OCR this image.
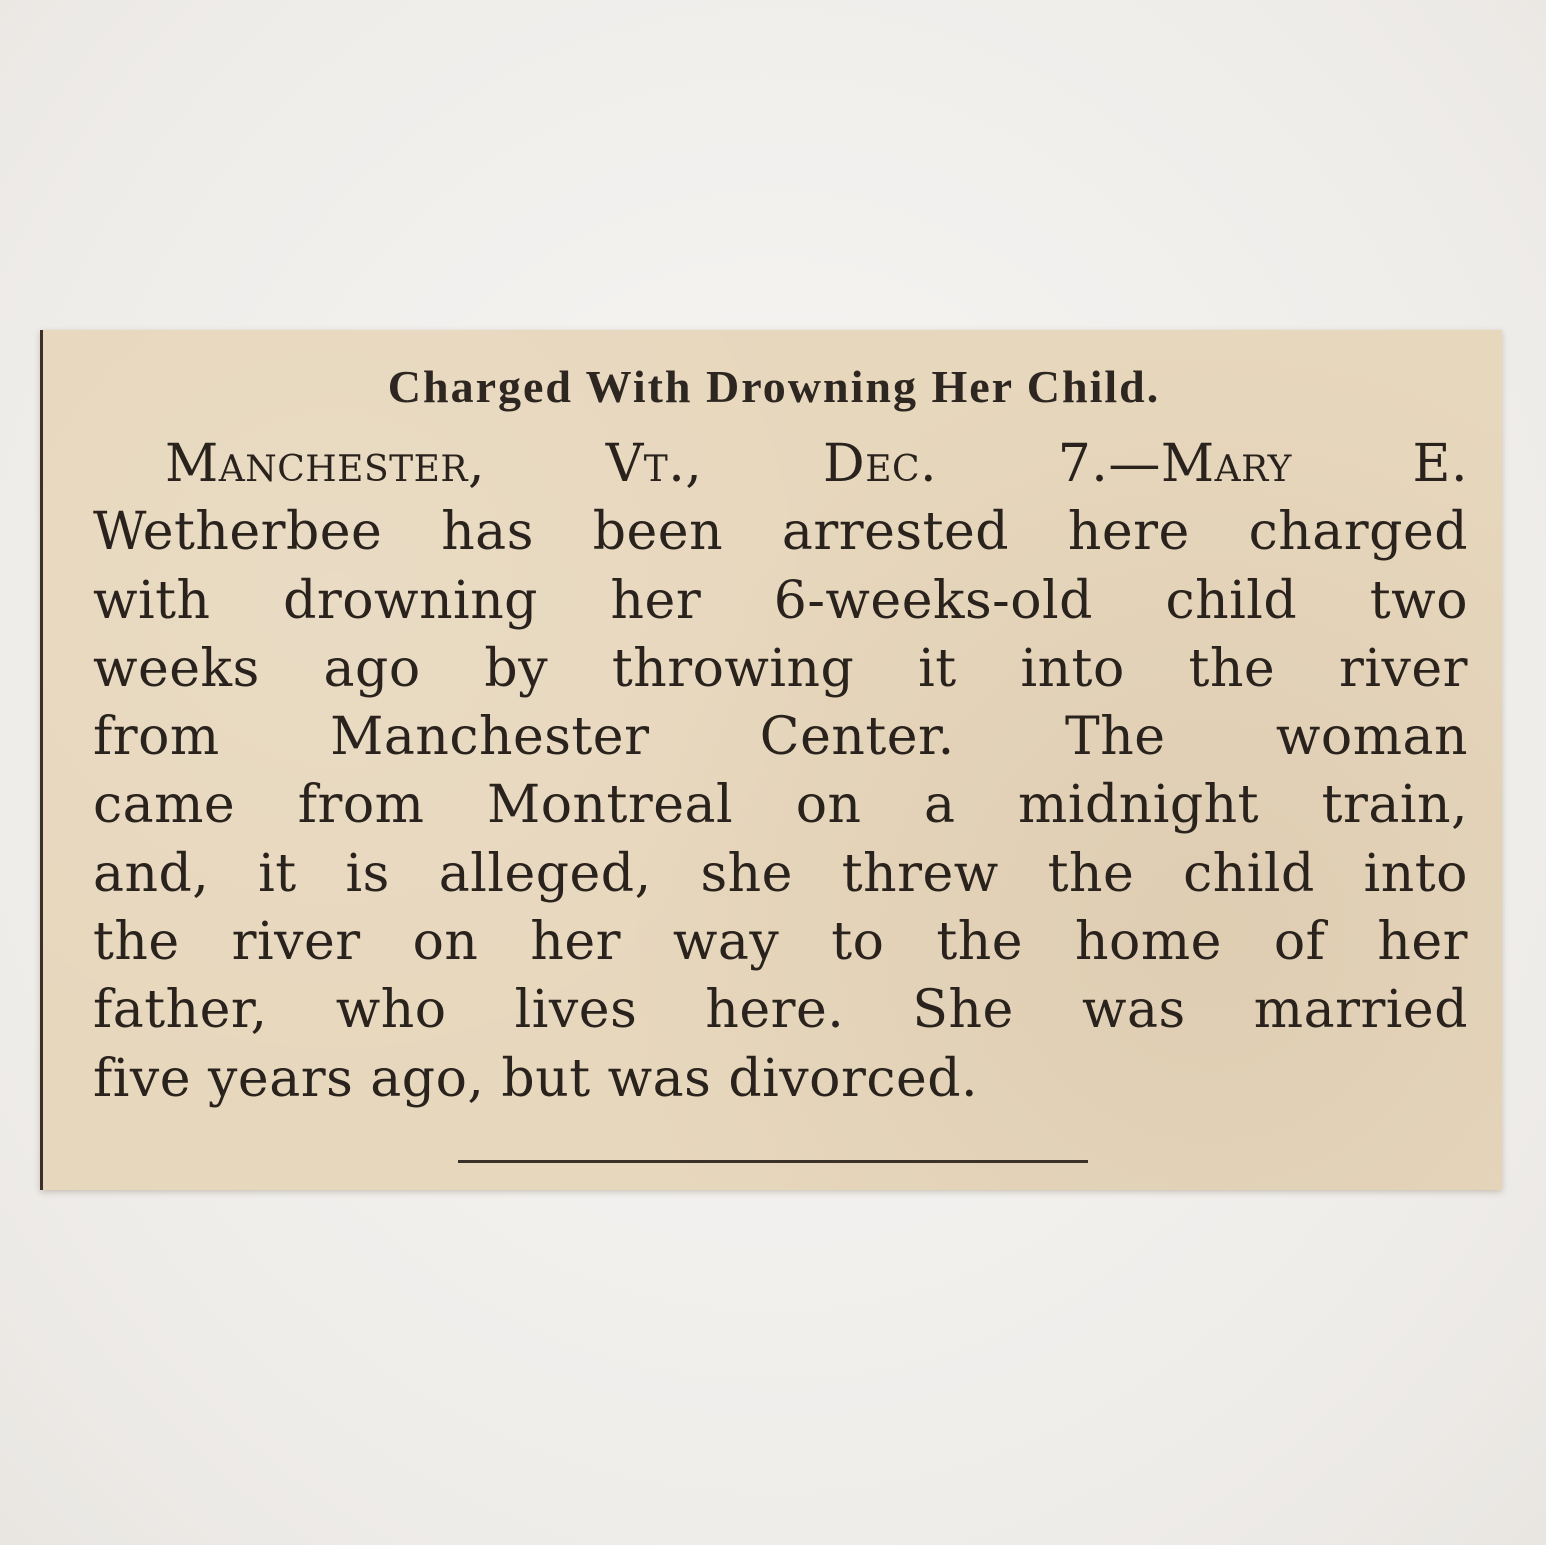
Charged With Drowning Her Child.
Manchester, Vt., Dec. 7.—Mary E.
Wetherbee has been arrested here charged
with drowning her 6-weeks-old child two
weeks ago by throwing it into the river
from Manchester Center. The woman
came from Montreal on a midnight train,
and, it is alleged, she threw the child into
the river on her way to the home of her
father, who lives here. She was married
five years ago, but was divorced.
